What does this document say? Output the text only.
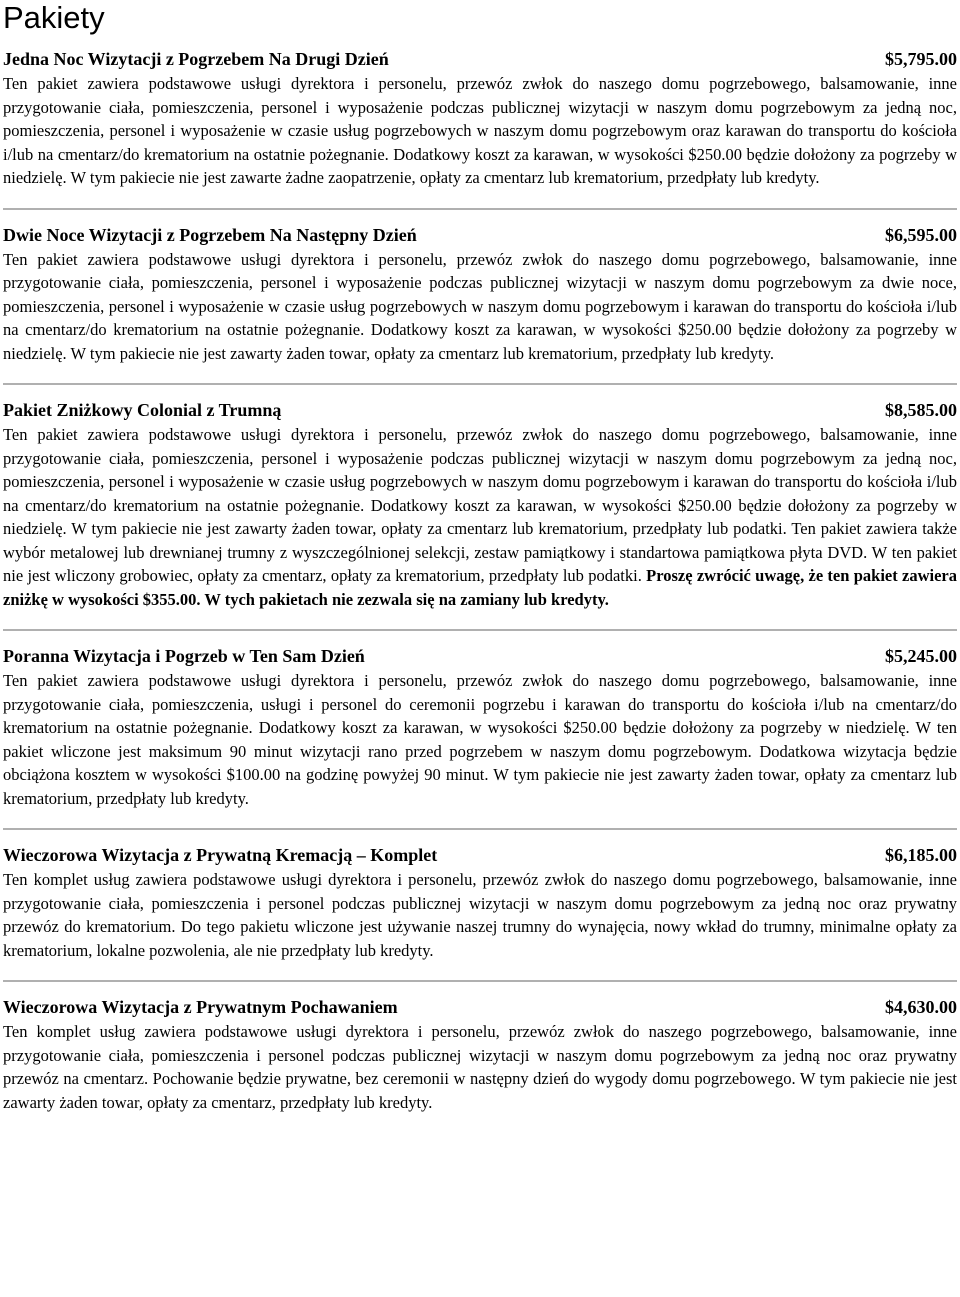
Pakiety
Jedna Noc Wizytacji z Pogrzebem Na Drugi Dzień	$5,795.00
Ten pakiet zawiera podstawowe usługi dyrektora i personelu, przewóz zwłok do naszego domu pogrzebowego, balsamowanie, inne przygotowanie ciała, pomieszczenia, personel i wyposażenie podczas publicznej wizytacji w naszym domu pogrzebowym za jedną noc, pomieszczenia, personel i wyposażenie w czasie usług pogrzebowych w naszym domu pogrzebowym oraz karawan do transportu do kościoła i/lub na cmentarz/do krematorium na ostatnie pożegnanie. Dodatkowy koszt za karawan, w wysokości $250.00 będzie dołożony za pogrzeby w niedzielę. W tym pakiecie nie jest zawarte żadne zaopatrzenie, opłaty za cmentarz lub krematorium, przedpłaty lub kredyty.
Dwie Noce Wizytacji z Pogrzebem Na Następny Dzień	$6,595.00
Ten pakiet zawiera podstawowe usługi dyrektora i personelu, przewóz zwłok do naszego domu pogrzebowego, balsamowanie, inne przygotowanie ciała, pomieszczenia, personel i wyposażenie podczas publicznej wizytacji w naszym domu pogrzebowym za dwie noce, pomieszczenia, personel i wyposażenie w czasie usług pogrzebowych w naszym domu pogrzebowym i karawan do transportu do kościoła i/lub na cmentarz/do krematorium na ostatnie pożegnanie. Dodatkowy koszt za karawan, w wysokości $250.00 będzie dołożony za pogrzeby w niedzielę. W tym pakiecie nie jest zawarty żaden towar, opłaty za cmentarz lub krematorium, przedpłaty lub kredyty.
Pakiet Zniżkowy Colonial z Trumną	$8,585.00
Ten pakiet zawiera podstawowe usługi dyrektora i personelu, przewóz zwłok do naszego domu pogrzebowego, balsamowanie, inne przygotowanie ciała, pomieszczenia, personel i wyposażenie podczas publicznej wizytacji w naszym domu pogrzebowym za jedną noc, pomieszczenia, personel i wyposażenie w czasie usług pogrzebowych w naszym domu pogrzebowym i karawan do transportu do kościoła i/lub na cmentarz/do krematorium na ostatnie pożegnanie. Dodatkowy koszt za karawan, w wysokości $250.00 będzie dołożony za pogrzeby w niedzielę. W tym pakiecie nie jest zawarty żaden towar, opłaty za cmentarz lub krematorium, przedpłaty lub podatki. Ten pakiet zawiera także wybór metalowej lub drewnianej trumny z wyszczególnionej selekcji, zestaw pamiątkowy i standartowa pamiątkowa płyta DVD. W ten pakiet nie jest wliczony grobowiec, opłaty za cmentarz, opłaty za krematorium, przedpłaty lub podatki. Proszę zwrócić uwagę, że ten pakiet zawiera zniżkę w wysokości $355.00. W tych pakietach nie zezwala się na zamiany lub kredyty.
Poranna Wizytacja i Pogrzeb w Ten Sam Dzień	$5,245.00
Ten pakiet zawiera podstawowe usługi dyrektora i personelu, przewóz zwłok do naszego domu pogrzebowego, balsamowanie, inne przygotowanie ciała, pomieszczenia, usługi i personel do ceremonii pogrzebu i karawan do transportu do kościoła i/lub na cmentarz/do krematorium na ostatnie pożegnanie. Dodatkowy koszt za karawan, w wysokości $250.00 będzie dołożony za pogrzeby w niedzielę. W ten pakiet wliczone jest maksimum 90 minut wizytacji rano przed pogrzebem w naszym domu pogrzebowym. Dodatkowa wizytacja będzie obciążona kosztem w wysokości $100.00 na godzinę powyżej 90 minut. W tym pakiecie nie jest zawarty żaden towar, opłaty za cmentarz lub krematorium, przedpłaty lub kredyty.
Wieczorowa Wizytacja z Prywatną Kremacją – Komplet	$6,185.00
Ten komplet usług zawiera podstawowe usługi dyrektora i personelu, przewóz zwłok do naszego domu pogrzebowego, balsamowanie, inne przygotowanie ciała, pomieszczenia i personel podczas publicznej wizytacji w naszym domu pogrzebowym za jedną noc oraz prywatny przewóz do krematorium. Do tego pakietu wliczone jest używanie naszej trumny do wynajęcia, nowy wkład do trumny, minimalne opłaty za krematorium, lokalne pozwolenia, ale nie przedpłaty lub kredyty.
Wieczorowa Wizytacja z Prywatnym Pochawaniem	$4,630.00
Ten komplet usług zawiera podstawowe usługi dyrektora i personelu, przewóz zwłok do naszego pogrzebowego, balsamowanie, inne przygotowanie ciała, pomieszczenia i personel podczas publicznej wizytacji w naszym domu pogrzebowym za jedną noc oraz prywatny przewóz na cmentarz. Pochowanie będzie prywatne, bez ceremonii w następny dzień do wygody domu pogrzebowego. W tym pakiecie nie jest zawarty żaden towar, opłaty za cmentarz, przedpłaty lub kredyty.
